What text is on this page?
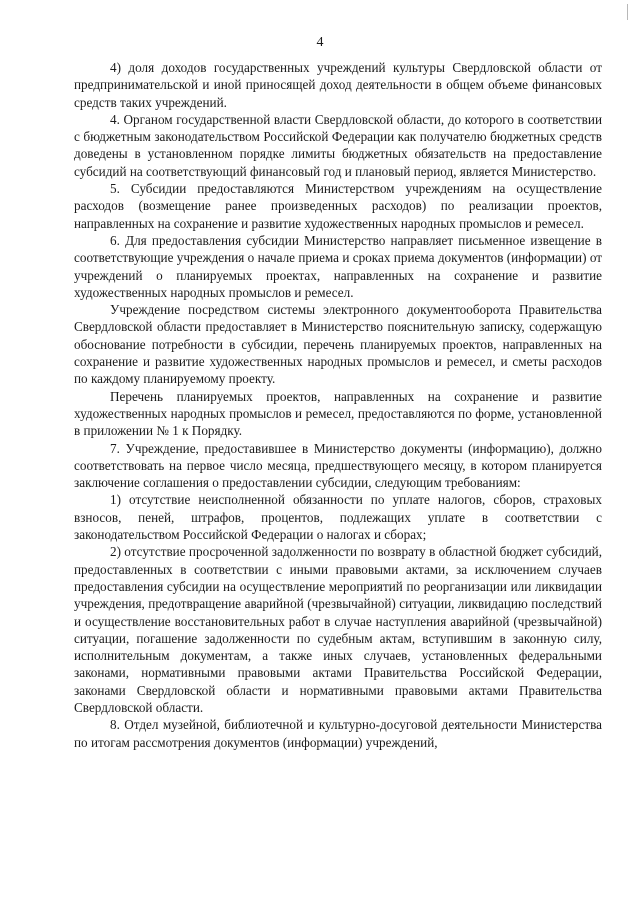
4

4) доля доходов государственных учреждений культуры Свердловской области от предпринимательской и иной приносящей доход деятельности в общем объеме финансовых средств таких учреждений.

4. Органом государственной власти Свердловской области, до которого в соответствии с бюджетным законодательством Российской Федерации как получателю бюджетных средств доведены в установленном порядке лимиты бюджетных обязательств на предоставление субсидий на соответствующий финансовый год и плановый период, является Министерство.

5. Субсидии предоставляются Министерством учреждениям на осуществление расходов (возмещение ранее произведенных расходов) по реализации проектов, направленных на сохранение и развитие художественных народных промыслов и ремесел.

6. Для предоставления субсидии Министерство направляет письменное извещение в соответствующие учреждения о начале приема и сроках приема документов (информации) от учреждений о планируемых проектах, направленных на сохранение и развитие художественных народных промыслов и ремесел.

Учреждение посредством системы электронного документооборота Правительства Свердловской области предоставляет в Министерство пояснительную записку, содержащую обоснование потребности в субсидии, перечень планируемых проектов, направленных на сохранение и развитие художественных народных промыслов и ремесел, и сметы расходов по каждому планируемому проекту.

Перечень планируемых проектов, направленных на сохранение и развитие художественных народных промыслов и ремесел, предоставляются по форме, установленной в приложении № 1 к Порядку.

7. Учреждение, предоставившее в Министерство документы (информацию), должно соответствовать на первое число месяца, предшествующего месяцу, в котором планируется заключение соглашения о предоставлении субсидии, следующим требованиям:

1) отсутствие неисполненной обязанности по уплате налогов, сборов, страховых взносов, пеней, штрафов, процентов, подлежащих уплате в соответствии с законодательством Российской Федерации о налогах и сборах;

2) отсутствие просроченной задолженности по возврату в областной бюджет субсидий, предоставленных в соответствии с иными правовыми актами, за исключением случаев предоставления субсидии на осуществление мероприятий по реорганизации или ликвидации учреждения, предотвращение аварийной (чрезвычайной) ситуации, ликвидацию последствий и осуществление восстановительных работ в случае наступления аварийной (чрезвычайной) ситуации, погашение задолженности по судебным актам, вступившим в законную силу, исполнительным документам, а также иных случаев, установленных федеральными законами, нормативными правовыми актами Правительства Российской Федерации, законами Свердловской области и нормативными правовыми актами Правительства Свердловской области.

8. Отдел музейной, библиотечной и культурно-досуговой деятельности Министерства по итогам рассмотрения документов (информации) учреждений,
